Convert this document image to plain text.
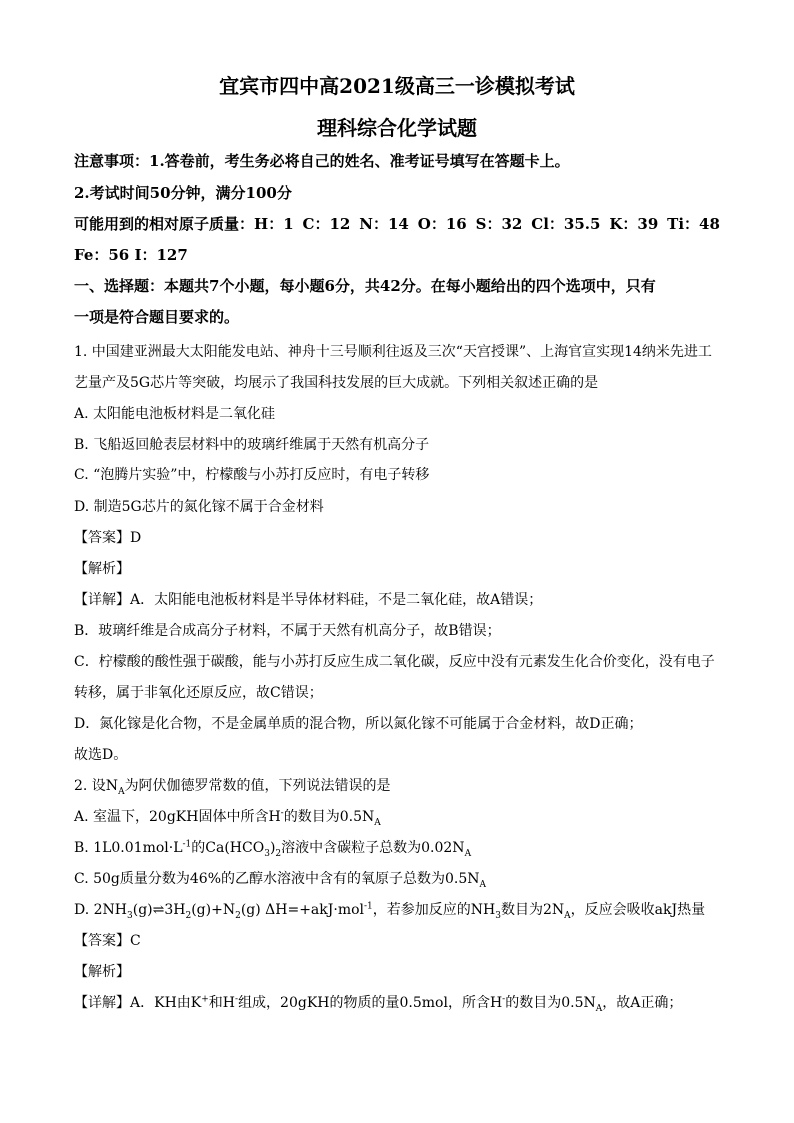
宜宾市四中高2021级高三一诊模拟考试
理科综合化学试题
注意事项：1.答卷前，考生务必将自己的姓名、准考证号填写在答题卡上。
2.考试时间50分钟，满分100分
可能用到的相对原子质量：H：1 C：12 N：14 O：16 S：32 Cl：35.5 K：39 Ti：48
Fe：56 I：127
一、选择题：本题共7个小题，每小题6分，共42分。在每小题给出的四个选项中，只有
一项是符合题目要求的。
1. 中国建亚洲最大太阳能发电站、神舟十三号顺利往返及三次“天宫授课”、上海官宣实现14纳米先进工
艺量产及5G芯片等突破，均展示了我国科技发展的巨大成就。下列相关叙述正确的是
A. 太阳能电池板材料是二氧化硅
B. 飞船返回舱表层材料中的玻璃纤维属于天然有机高分子
C. “泡腾片实验”中，柠檬酸与小苏打反应时，有电子转移
D. 制造5G芯片的氮化镓不属于合金材料
【答案】D
【解析】
【详解】A．太阳能电池板材料是半导体材料硅，不是二氧化硅，故A错误；
B．玻璃纤维是合成高分子材料，不属于天然有机高分子，故B错误；
C．柠檬酸的酸性强于碳酸，能与小苏打反应生成二氧化碳，反应中没有元素发生化合价变化，没有电子
转移，属于非氧化还原反应，故C错误；
D．氮化镓是化合物，不是金属单质的混合物，所以氮化镓不可能属于合金材料，故D正确；
故选D。
2. 设$N_A$为阿伏伽德罗常数的值，下列说法错误的是
A. 室温下，20gKH固体中所含H-的数目为$0.5N_A$
B. $1L0.01mol\cdot L^{-1}$的$Ca(HCO_3)_2$溶液中含碳粒子总数为$0.02N_A$
C. 50g质量分数为46%的乙醇水溶液中含有的氧原子总数为$0.5N_A$
D. $2NH_3(g)\rightleftharpoons 3H_2(g)+N_2(g)$ ΔH=+akJ·mol$^{-1}$，若参加反应的$NH_3$数目为$2N_A$，反应会吸收akJ热量
【答案】C
【解析】
【详解】A．KH由K+和H-组成，20gKH的物质的量0.5mol，所含H-的数目为$0.5N_A$，故A正确；
